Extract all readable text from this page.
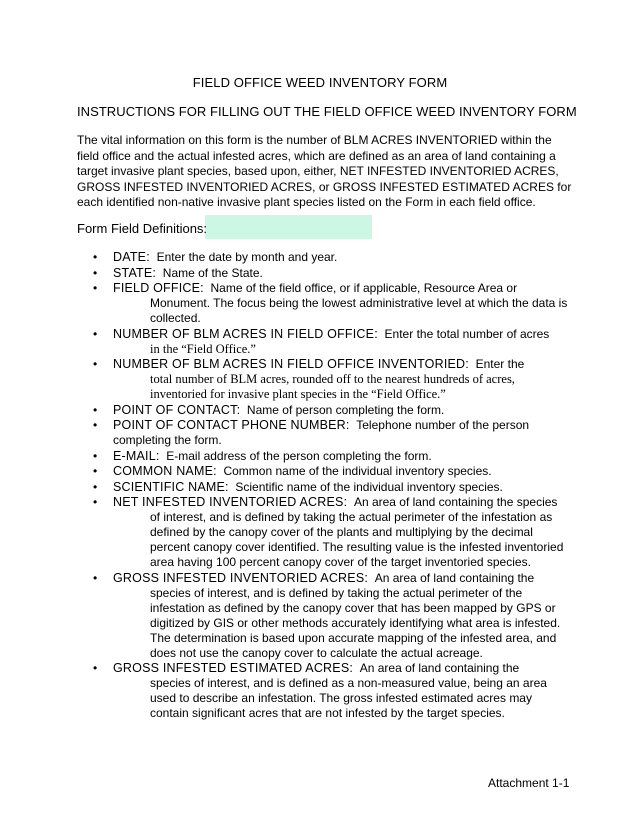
FIELD OFFICE WEED INVENTORY FORM
INSTRUCTIONS FOR FILLING OUT THE FIELD OFFICE WEED INVENTORY FORM
The vital information on this form is the number of BLM ACRES INVENTORIED within the field office and the actual infested acres, which are defined as an area of land containing a target invasive plant species, based upon, either, NET INFESTED INVENTORIED ACRES, GROSS INFESTED INVENTORIED ACRES, or GROSS INFESTED ESTIMATED ACRES for each identified non-native invasive plant species listed on the Form in each field office.
Form Field Definitions:
• DATE: Enter the date by month and year.
• STATE: Name of the State.
• FIELD OFFICE: Name of the field office, or if applicable, Resource Area or
Monument. The focus being the lowest administrative level at which the data is collected.
• NUMBER OF BLM ACRES IN FIELD OFFICE: Enter the total number of acres
in the “Field Office.”
• NUMBER OF BLM ACRES IN FIELD OFFICE INVENTORIED: Enter the
total number of BLM acres, rounded off to the nearest hundreds of acres, inventoried for invasive plant species in the “Field Office.”
• POINT OF CONTACT: Name of person completing the form.
• POINT OF CONTACT PHONE NUMBER: Telephone number of the person completing the form.
• E-MAIL: E-mail address of the person completing the form.
• COMMON NAME: Common name of the individual inventory species.
• SCIENTIFIC NAME: Scientific name of the individual inventory species.
• NET INFESTED INVENTORIED ACRES: An area of land containing the species
of interest, and is defined by taking the actual perimeter of the infestation as defined by the canopy cover of the plants and multiplying by the decimal percent canopy cover identified. The resulting value is the infested inventoried area having 100 percent canopy cover of the target inventoried species.
• GROSS INFESTED INVENTORIED ACRES: An area of land containing the
species of interest, and is defined by taking the actual perimeter of the infestation as defined by the canopy cover that has been mapped by GPS or digitized by GIS or other methods accurately identifying what area is infested. The determination is based upon accurate mapping of the infested area, and does not use the canopy cover to calculate the actual acreage.
• GROSS INFESTED ESTIMATED ACRES: An area of land containing the
species of interest, and is defined as a non-measured value, being an area used to describe an infestation. The gross infested estimated acres may contain significant acres that are not infested by the target species.
Attachment 1-1
